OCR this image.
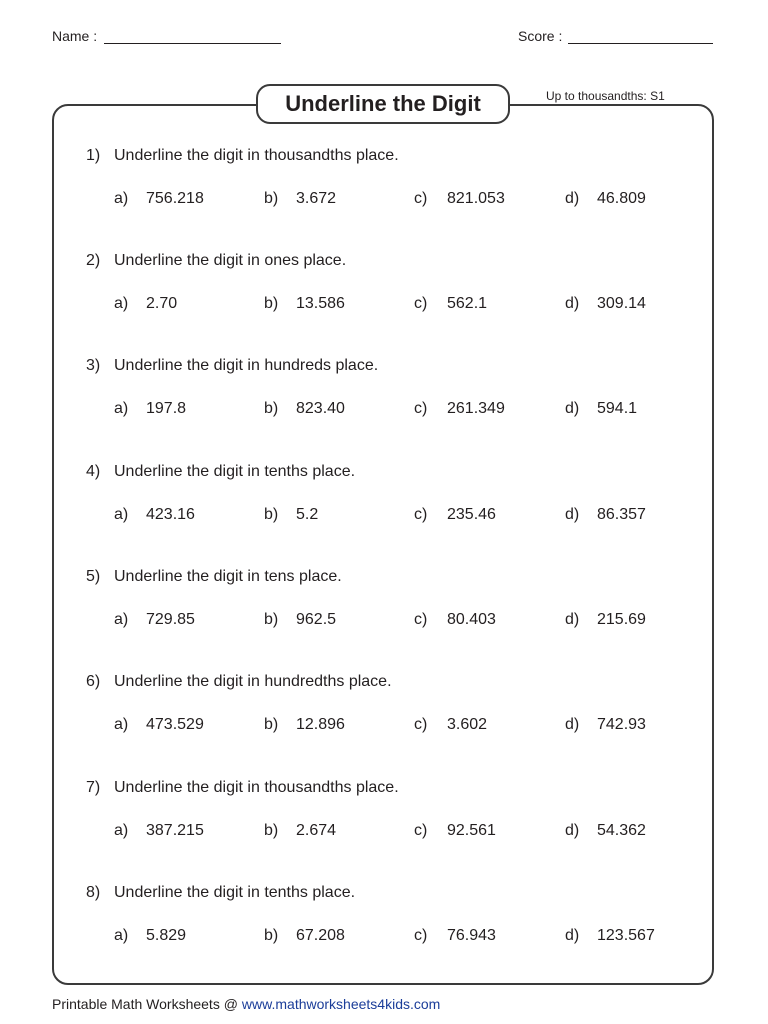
Name :	Score :
Underline the Digit	Up to thousandths: S1
1) Underline the digit in thousandths place.
a) 756.218	b) 3.672	c) 821.053	d) 46.809
2) Underline the digit in ones place.
a) 2.70	b) 13.586	c) 562.1	d) 309.14
3) Underline the digit in hundreds place.
a) 197.8	b) 823.40	c) 261.349	d) 594.1
4) Underline the digit in tenths place.
a) 423.16	b) 5.2	c) 235.46	d) 86.357
5) Underline the digit in tens place.
a) 729.85	b) 962.5	c) 80.403	d) 215.69
6) Underline the digit in hundredths place.
a) 473.529	b) 12.896	c) 3.602	d) 742.93
7) Underline the digit in thousandths place.
a) 387.215	b) 2.674	c) 92.561	d) 54.362
8) Underline the digit in tenths place.
a) 5.829	b) 67.208	c) 76.943	d) 123.567
Printable Math Worksheets @ www.mathworksheets4kids.com
